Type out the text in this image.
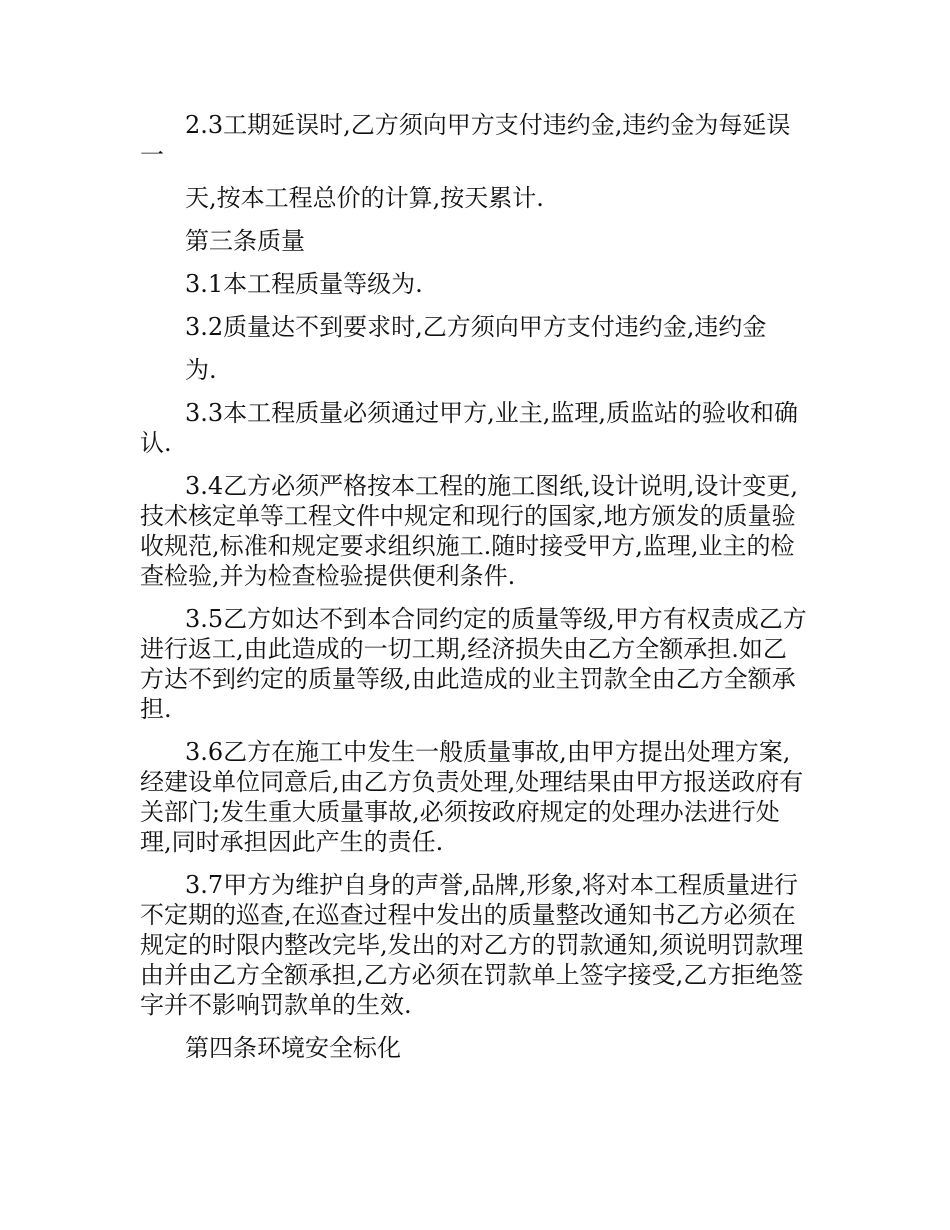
2.3工期延误时,乙方须向甲方支付违约金,违约金为每延误一

天,按本工程总价的计算,按天累计.

第三条质量

3.1本工程质量等级为.

3.2质量达不到要求时,乙方须向甲方支付违约金,违约金

为.

3.3本工程质量必须通过甲方,业主,监理,质监站的验收和确认.

3.4乙方必须严格按本工程的施工图纸,设计说明,设计变更,技术核定单等工程文件中规定和现行的国家,地方颁发的质量验收规范,标准和规定要求组织施工.随时接受甲方,监理,业主的检查检验,并为检查检验提供便利条件.

3.5乙方如达不到本合同约定的质量等级,甲方有权责成乙方进行返工,由此造成的一切工期,经济损失由乙方全额承担.如乙方达不到约定的质量等级,由此造成的业主罚款全由乙方全额承担.

3.6乙方在施工中发生一般质量事故,由甲方提出处理方案,经建设单位同意后,由乙方负责处理,处理结果由甲方报送政府有关部门;发生重大质量事故,必须按政府规定的处理办法进行处理,同时承担因此产生的责任.

3.7甲方为维护自身的声誉,品牌,形象,将对本工程质量进行不定期的巡查,在巡查过程中发出的质量整改通知书乙方必须在规定的时限内整改完毕,发出的对乙方的罚款通知,须说明罚款理由并由乙方全额承担,乙方必须在罚款单上签字接受,乙方拒绝签字并不影响罚款单的生效.

第四条环境安全标化
